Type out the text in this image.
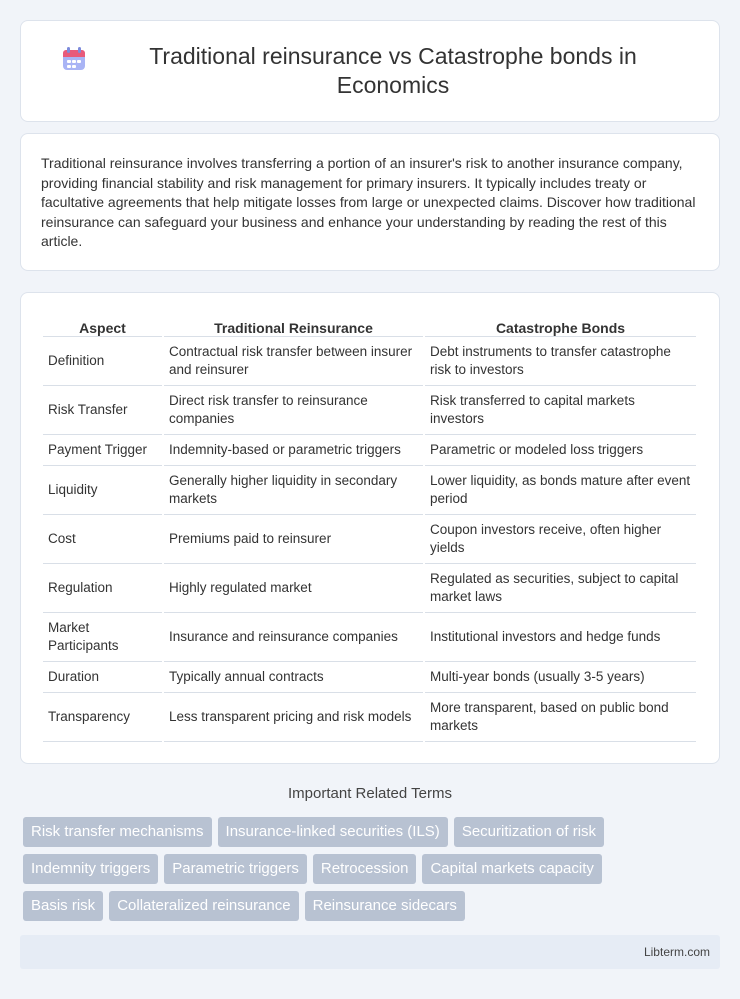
Traditional reinsurance vs Catastrophe bonds in Economics

Traditional reinsurance involves transferring a portion of an insurer's risk to another insurance company, providing financial stability and risk management for primary insurers. It typically includes treaty or facultative agreements that help mitigate losses from large or unexpected claims. Discover how traditional reinsurance can safeguard your business and enhance your understanding by reading the rest of this article.

Aspect	Traditional Reinsurance	Catastrophe Bonds
Definition	Contractual risk transfer between insurer and reinsurer	Debt instruments to transfer catastrophe risk to investors
Risk Transfer	Direct risk transfer to reinsurance companies	Risk transferred to capital markets investors
Payment Trigger	Indemnity-based or parametric triggers	Parametric or modeled loss triggers
Liquidity	Generally higher liquidity in secondary markets	Lower liquidity, as bonds mature after event period
Cost	Premiums paid to reinsurer	Coupon investors receive, often higher yields
Regulation	Highly regulated market	Regulated as securities, subject to capital market laws
Market Participants	Insurance and reinsurance companies	Institutional investors and hedge funds
Duration	Typically annual contracts	Multi-year bonds (usually 3-5 years)
Transparency	Less transparent pricing and risk models	More transparent, based on public bond markets
Important Related Terms
Risk transfer mechanisms	Insurance-linked securities (ILS)	Securitization of risk
Indemnity triggers	Parametric triggers	Retrocession	Capital markets capacity
Basis risk	Collateralized reinsurance	Reinsurance sidecars
Libterm.com
